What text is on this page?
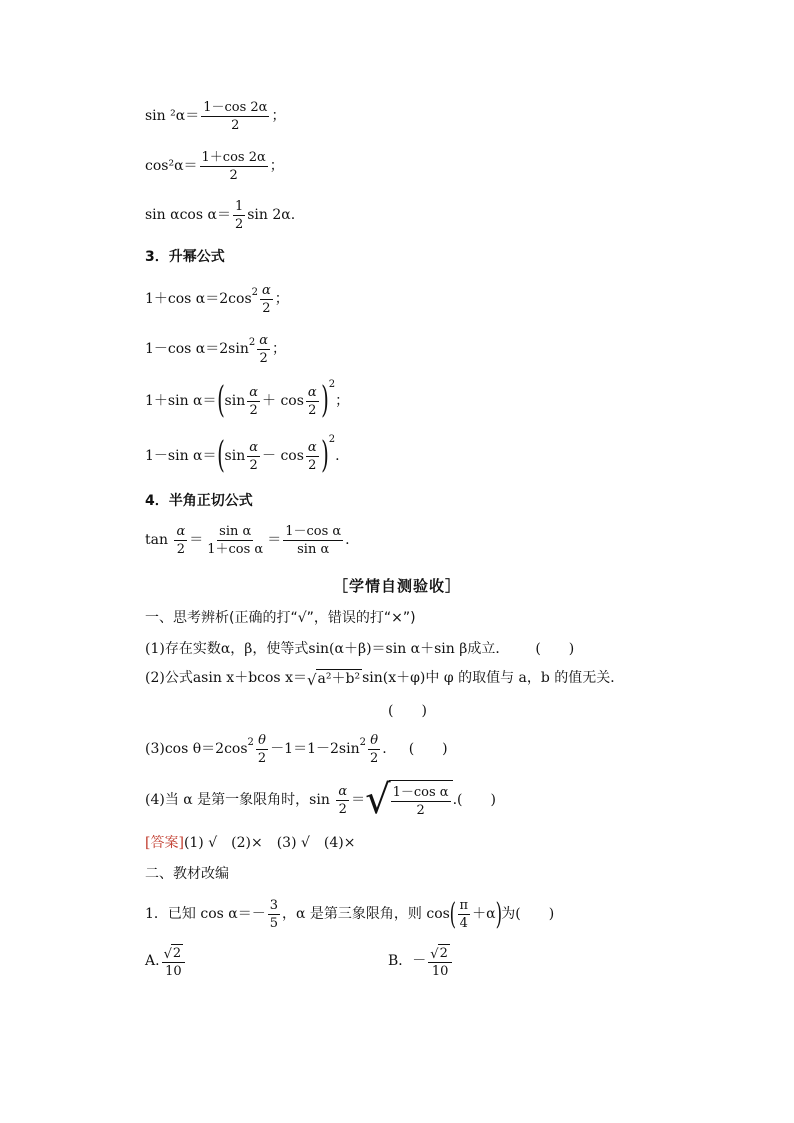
$\sin ^2\alpha= \frac{1-\cos 2\alpha}{2}$ ；
$\cos^2\alpha= \frac{1+\cos 2\alpha}{2}$ ；
sin αcos $\alpha= \frac{1}{2}$ sin 2α.
3．升幂公式
1＋cos α＝2cos $2 \frac{\alpha}{2}$ ；
1－cos α＝2sin $2 \frac{\alpha}{2}$ ；
1＋sin α＝ ( $\sin \frac{\alpha}{2} + \cos \frac{\alpha}{2}$ ) 2
；
1－sin α＝ ( $\sin \frac{\alpha}{2} - \cos \frac{\alpha}{2}$ ) 2
.
4．半角正切公式
tan
$\frac{\alpha}{2} = \frac{\text{sin α}}{\text{1＋cos α}} = \frac{\text{1－cos α}}{\text{sin α}}$ .
［学情自测验收］
一、思考辨析(正确的打“√”，错误的打“×”)
(1)存在实数α，β，使等式sin(α＋β)＝sin α＋sin β成立． (　　)
(2)公式asin x＋bcos x＝ √ a²＋b² sin(x＋φ)中 φ 的取值与 a，b 的值无关．
(　　)
(3)cos θ＝2cos $2 \frac{\theta}{2} -1=1-2\sin$ $2 \frac{\theta}{2}$ . (　　)
(4)当 α 是第一象限角时，sin
$\frac{\alpha}{2}$ ＝ √ $\frac{\text{1－cos α}}{2}$ . (　　)
[答案] (1) √　(2)×　(3) √　(4)×
二、教材改编
1．已知 $\cos \alpha=- \frac{3}{5}$ ，α 是第三象限角，则 cos ( $\frac{\pi}{4} +\alpha$ ) 为(　　)
A. $\frac{√ 2}{10}$	B．－ $\frac{√ 2}{10}$
